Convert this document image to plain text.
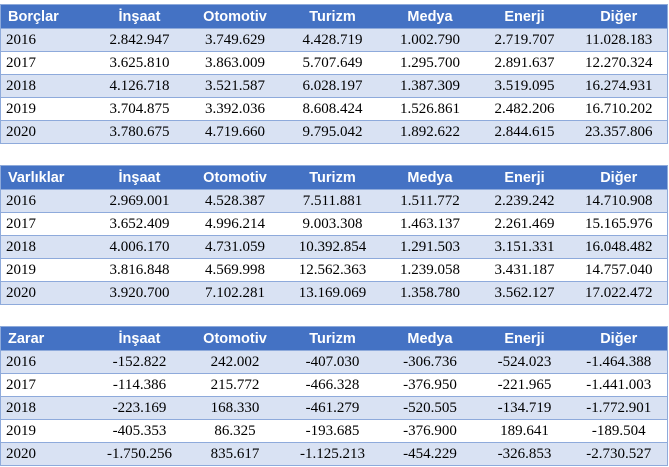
Borçlar	İnşaat	Otomotiv	Turizm	Medya	Enerji	Diğer
2016	2.842.947	3.749.629	4.428.719	1.002.790	2.719.707	11.028.183
2017	3.625.810	3.863.009	5.707.649	1.295.700	2.891.637	12.270.324
2018	4.126.718	3.521.587	6.028.197	1.387.309	3.519.095	16.274.931
2019	3.704.875	3.392.036	8.608.424	1.526.861	2.482.206	16.710.202
2020	3.780.675	4.719.660	9.795.042	1.892.622	2.844.615	23.357.806
Varlıklar	İnşaat	Otomotiv	Turizm	Medya	Enerji	Diğer
2016	2.969.001	4.528.387	7.511.881	1.511.772	2.239.242	14.710.908
2017	3.652.409	4.996.214	9.003.308	1.463.137	2.261.469	15.165.976
2018	4.006.170	4.731.059	10.392.854	1.291.503	3.151.331	16.048.482
2019	3.816.848	4.569.998	12.562.363	1.239.058	3.431.187	14.757.040
2020	3.920.700	7.102.281	13.169.069	1.358.780	3.562.127	17.022.472
Zarar	İnşaat	Otomotiv	Turizm	Medya	Enerji	Diğer
2016	-152.822	242.002	-407.030	-306.736	-524.023	-1.464.388
2017	-114.386	215.772	-466.328	-376.950	-221.965	-1.441.003
2018	-223.169	168.330	-461.279	-520.505	-134.719	-1.772.901
2019	-405.353	86.325	-193.685	-376.900	189.641	-189.504
2020	-1.750.256	835.617	-1.125.213	-454.229	-326.853	-2.730.527
